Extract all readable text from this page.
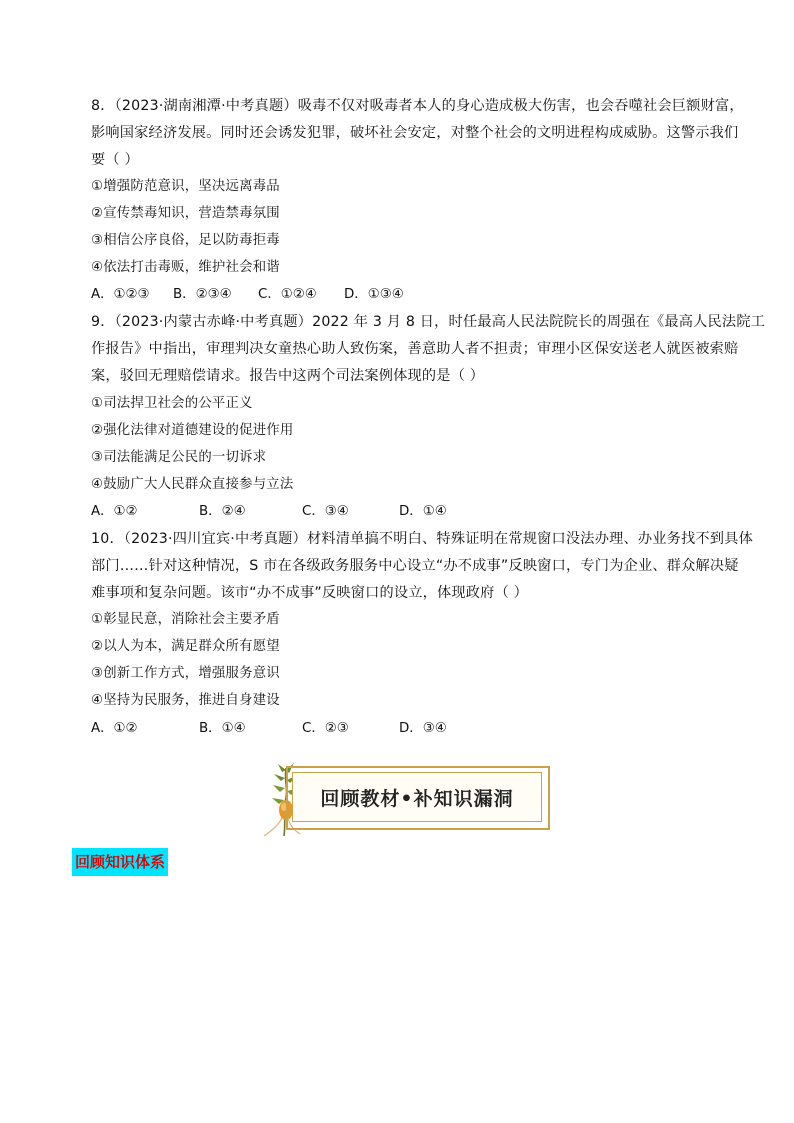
8．（2023·湖南湘潭·中考真题）吸毒不仅对吸毒者本人的身心造成极大伤害，也会吞噬社会巨额财富，
影响国家经济发展。同时还会诱发犯罪，破坏社会安定，对整个社会的文明进程构成威胁。这警示我们
要（ ）
①增强防范意识，坚决远离毒品
②宣传禁毒知识，营造禁毒氛围
③相信公序良俗，足以防毒拒毒
④依法打击毒贩，维护社会和谐
A．①②③ B．②③④ C．①②④ D．①③④
9．（2023·内蒙古赤峰·中考真题）2022 年 3 月 8 日，时任最高人民法院院长的周强在《最高人民法院工
作报告》中指出，审理判决女童热心助人致伤案，善意助人者不担责；审理小区保安送老人就医被索赔
案，驳回无理赔偿请求。报告中这两个司法案例体现的是（ ）
①司法捍卫社会的公平正义
②强化法律对道德建设的促进作用
③司法能满足公民的一切诉求
④鼓励广大人民群众直接参与立法
A．①②	B．②④	C．③④	D．①④
10．（2023·四川宜宾·中考真题）材料清单搞不明白、特殊证明在常规窗口没法办理、办业务找不到具体
部门……针对这种情况，S 市在各级政务服务中心设立“办不成事”反映窗口，专门为企业、群众解决疑
难事项和复杂问题。该市“办不成事”反映窗口的设立，体现政府（ ）
①彰显民意，消除社会主要矛盾
②以人为本，满足群众所有愿望
③创新工作方式，增强服务意识
④坚持为民服务，推进自身建设
A．①②	B．①④	C．②③	D．③④
回顾教材•补知识漏洞
回顾知识体系
